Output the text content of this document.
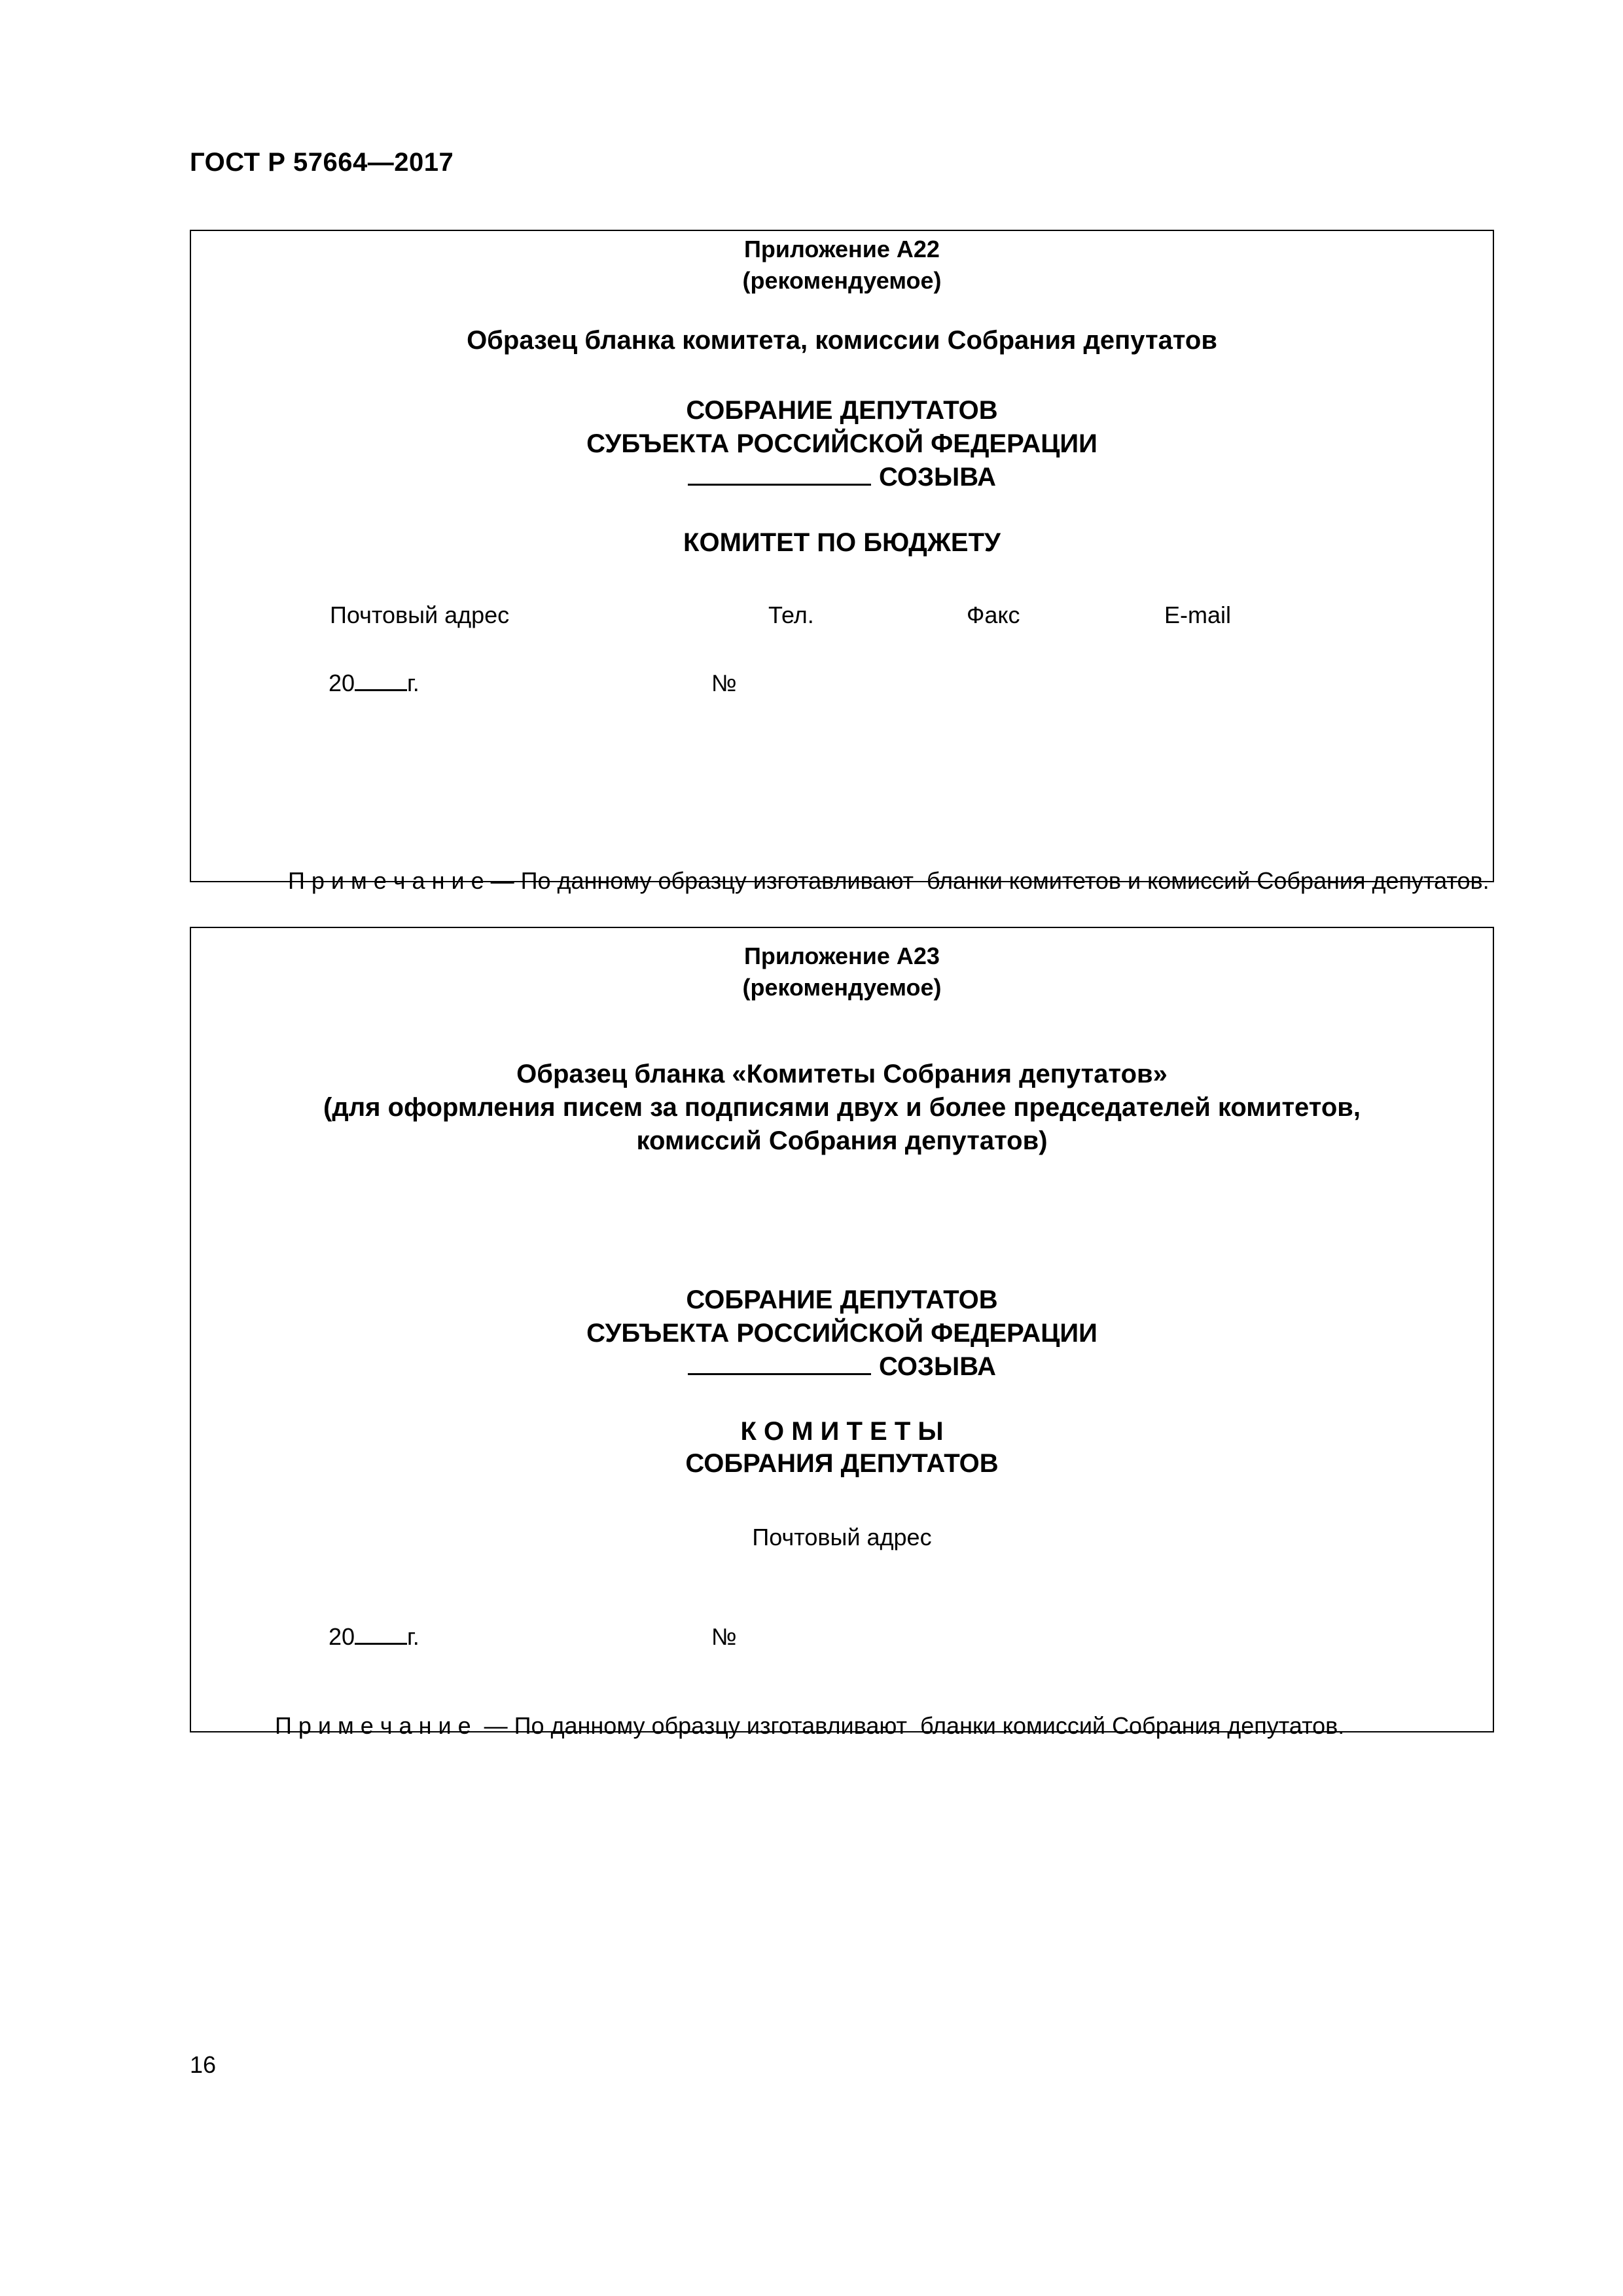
ГОСТ Р 57664—2017
Приложение А22
(рекомендуемое)
Образец бланка комитета, комиссии Собрания депутатов
СОБРАНИЕ ДЕПУТАТОВ
СУБЪЕКТА РОССИЙСКОЙ ФЕДЕРАЦИИ
СОЗЫВА
КОМИТЕТ ПО БЮДЖЕТУ
Почтовый адрес	Тел.	Факс	E-mail
20 г.	№

П р и м е ч а н и е — По данному образцу изготавливают  бланки комитетов и комиссий Собрания депутатов.

Приложение А23
(рекомендуемое)
Образец бланка «Комитеты Собрания депутатов»
(для оформления писем за подписями двух и более председателей комитетов,
комиссий Собрания депутатов)
СОБРАНИЕ ДЕПУТАТОВ
СУБЪЕКТА РОССИЙСКОЙ ФЕДЕРАЦИИ
СОЗЫВА
К О М И Т Е Т Ы
СОБРАНИЯ ДЕПУТАТОВ
Почтовый адрес
20 г.	№

П р и м е ч а н и е  — По данному образцу изготавливают  бланки комиссий Собрания депутатов.

16
